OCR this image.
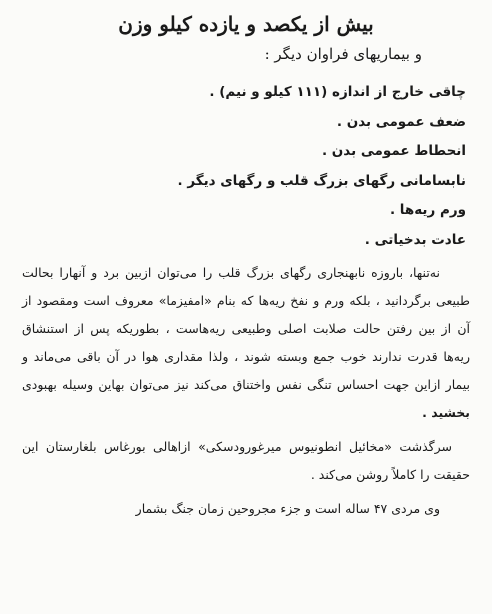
بیش از یکصد و یازده کیلو وزن
و بیماریهای فراوان دیگر :
چاقی خارج از اندازه (۱۱۱ کیلو و نیم) .
ضعف عمومی بدن .
انحطاط عمومی بدن .
نابسامانی رگهای بزرگ قلب و رگهای دیگر .
ورم ریه‌ها .
عادت بدخیاتی .

نه‌تنها، باروزه نابهنجاری رگهای بزرگ قلب را می‌توان ازبین برد و آنهارا بحالت طبیعی برگردانید ، بلکه ورم و نفخ ریه‌ها که بنام «امفیزما» معروف است ومقصود از آن از بین رفتن حالت صلابت اصلی وطبیعی ریه‌هاست ، بطوریکه پس از استنشاق ریه‌ها قدرت ندارند خوب جمع وبسته شوند ، ولذا مقداری هوا در آن باقی می‌ماند و بیمار ازاین جهت احساس تنگی نفس واختناق می‌کند نیز می‌توان بهاین وسیله بهبودی بخشید .

سرگذشت «مخائیل انطونیوس میرغورودسکی» ازاهالی بورغاس بلغارستان این حقیقت را کاملاً روشن می‌کند .

وی مردی ۴۷ ساله است و جزء مجروحین زمان جنگ بشمار
